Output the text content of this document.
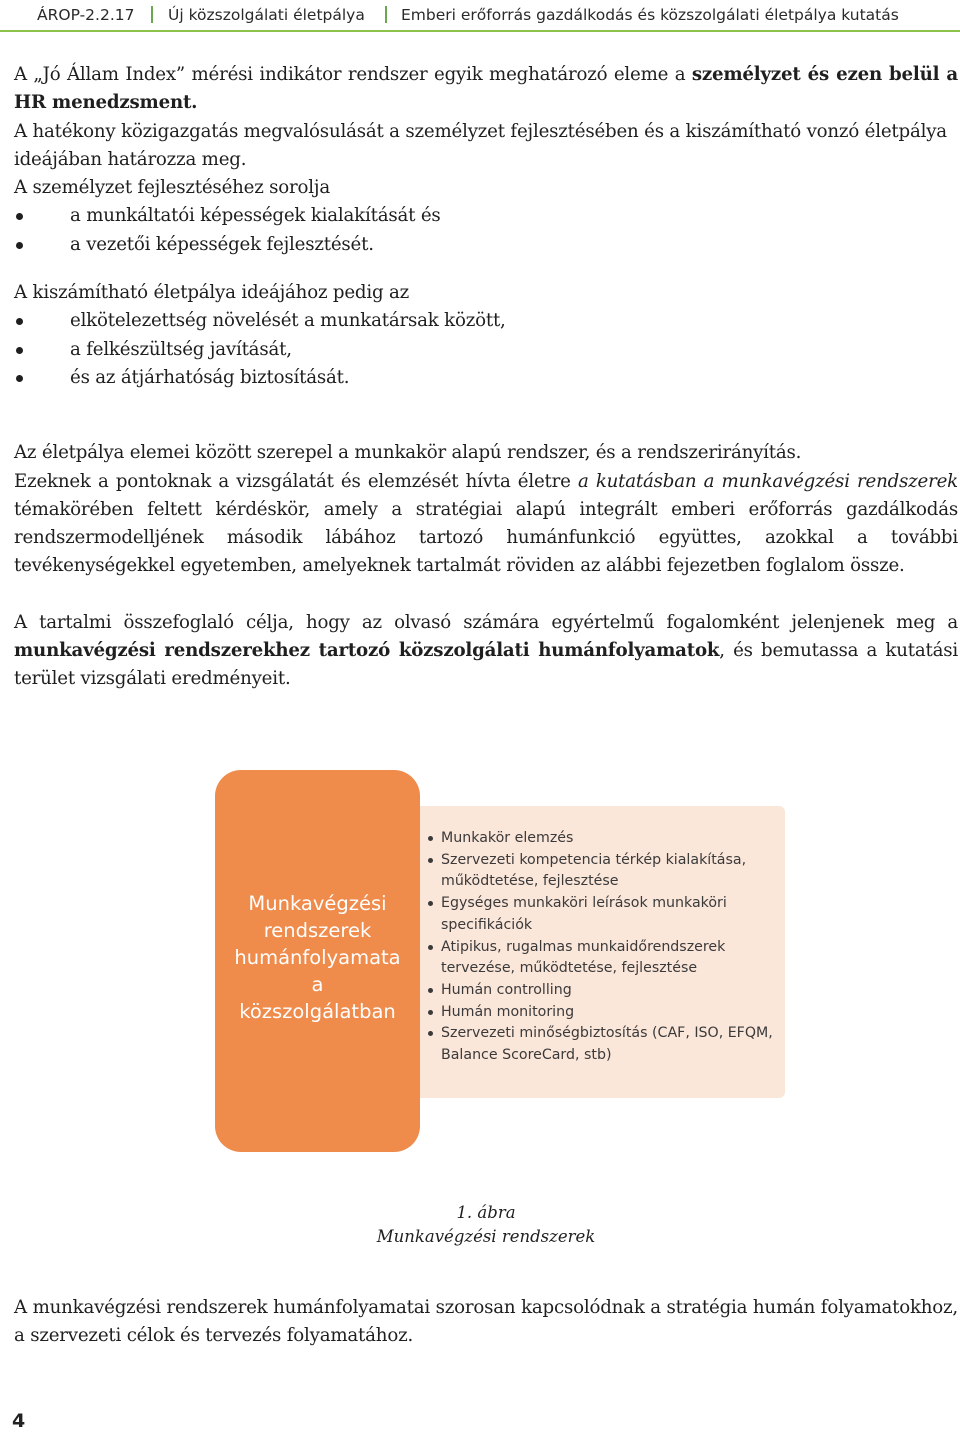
ÁROP-2.2.17 Új közszolgálati életpálya Emberi erőforrás gazdálkodás és közszolgálati életpálya kutatás

A „Jó Állam Index” mérési indikátor rendszer egyik meghatározó eleme a személyzet és ezen belül a HR menedzsment.

A hatékony közigazgatás megvalósulását a személyzet fejlesztésében és a kiszámítható vonzó életpálya ideájában határozza meg.

A személyzet fejlesztéséhez sorolja

a munkáltatói képességek kialakítását és
a vezetői képességek fejlesztését.

A kiszámítható életpálya ideájához pedig az

elkötelezettség növelését a munkatársak között,
a felkészültség javítását,
és az átjárhatóság biztosítását.

Az életpálya elemei között szerepel a munkakör alapú rendszer, és a rendszerirányítás.

Ezeknek a pontoknak a vizsgálatát és elemzését hívta életre a kutatásban a munkavégzési rendszerek témakörében feltett kérdéskör, amely a stratégiai alapú integrált emberi erőforrás gazdálkodás rendszermodelljének második lábához tartozó humánfunkció együttes, azokkal a további tevékenységekkel egyetemben, amelyeknek tartalmát röviden az alábbi fejezetben foglalom össze.

A tartalmi összefoglaló célja, hogy az olvasó számára egyértelmű fogalomként jelenjenek meg a munkavégzési rendszerekhez tartozó közszolgálati humánfolyamatok, és bemutassa a kutatási terület vizsgálati eredményeit.

Munkavégzési
rendszerek
humánfolyamata
a
közszolgálatban
Munkakör elemzés
Szervezeti kompetencia térkép kialakítása, működtetése, fejlesztése
Egységes munkaköri leírások munkaköri specifikációk
Atipikus, rugalmas munkaidőrendszerek tervezése, működtetése, fejlesztése
Humán controlling
Humán monitoring
Szervezeti minőségbiztosítás (CAF, ISO, EFQM, Balance ScoreCard, stb)
1. ábra
Munkavégzési rendszerek

A munkavégzési rendszerek humánfolyamatai szorosan kapcsolódnak a stratégia humán folyamatokhoz, a szervezeti célok és tervezés folyamatához.

4
